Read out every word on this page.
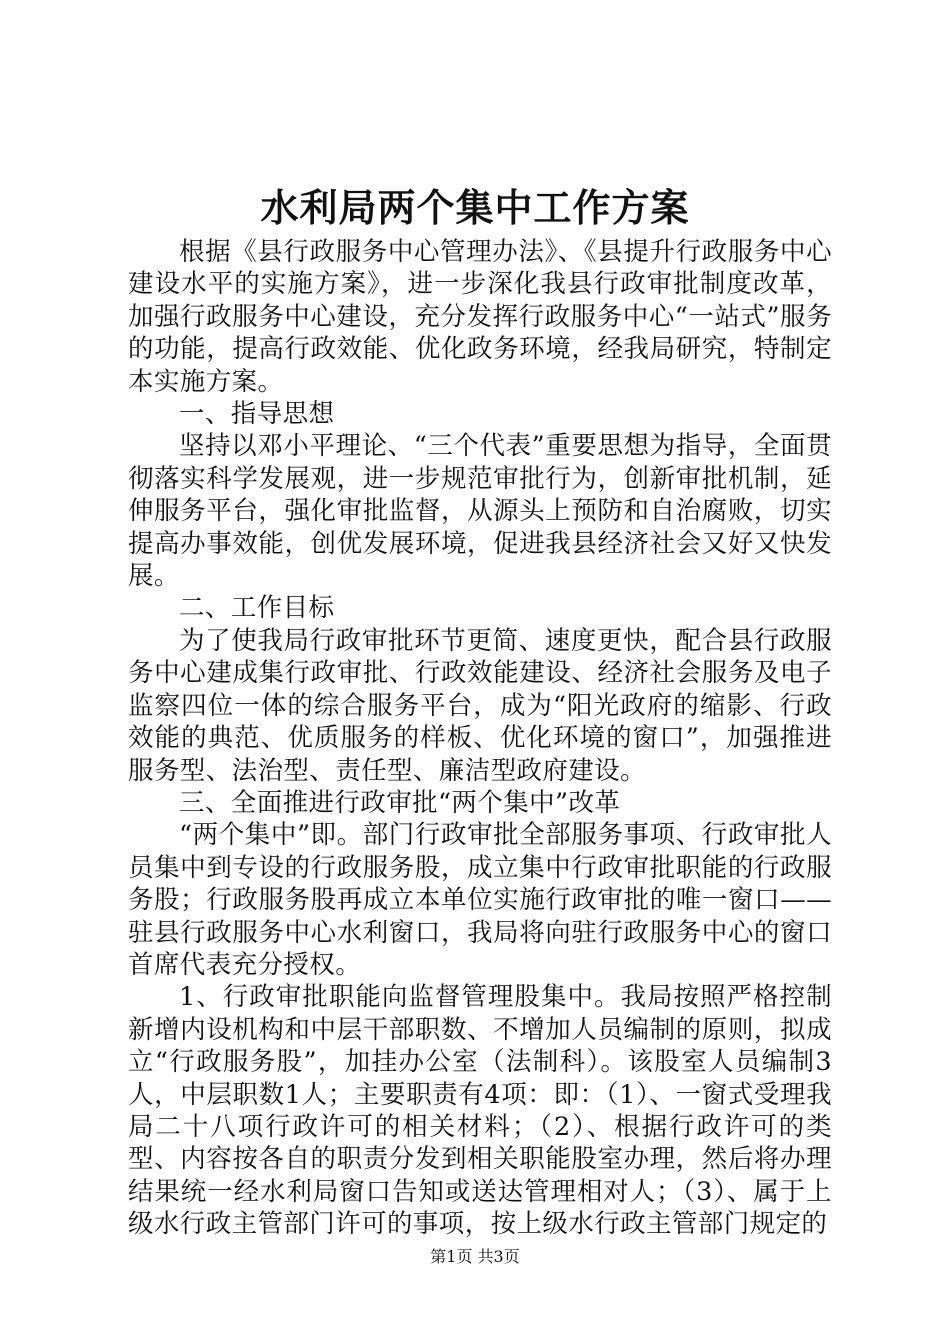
水利局两个集中工作方案

根据《县行政服务中心管理办法》、《县提升行政服务中心建设水平的实施方案》，进一步深化我县行政审批制度改革，加强行政服务中心建设，充分发挥行政服务中心“一站式”服务的功能，提高行政效能、优化政务环境，经我局研究，特制定本实施方案。

一、指导思想

坚持以邓小平理论、“三个代表”重要思想为指导，全面贯彻落实科学发展观，进一步规范审批行为，创新审批机制，延伸服务平台，强化审批监督，从源头上预防和自治腐败，切实提高办事效能，创优发展环境，促进我县经济社会又好又快发展。

二、工作目标

为了使我局行政审批环节更简、速度更快，配合县行政服务中心建成集行政审批、行政效能建设、经济社会服务及电子监察四位一体的综合服务平台，成为“阳光政府的缩影、行政效能的典范、优质服务的样板、优化环境的窗口”，加强推进服务型、法治型、责任型、廉洁型政府建设。

三、全面推进行政审批“两个集中”改革

“两个集中”即。部门行政审批全部服务事项、行政审批人员集中到专设的行政服务股，成立集中行政审批职能的行政服务股；行政服务股再成立本单位实施行政审批的唯一窗口——驻县行政服务中心水利窗口，我局将向驻行政服务中心的窗口首席代表充分授权。

1、行政审批职能向监督管理股集中。我局按照严格控制新增内设机构和中层干部职数、不增加人员编制的原则，拟成立“行政服务股”，加挂办公室（法制科）。该股室人员编制3人，中层职数1人；主要职责有4项：即：（1）、一窗式受理我局二十八项行政许可的相关材料；（2）、根据行政许可的类型、内容按各自的职责分发到相关职能股室办理，然后将办理结果统一经水利局窗口告知或送达管理相对人；（3）、属于上级水行政主管部门许可的事项，按上级水行政主管部门规定的

第1页 共3页
